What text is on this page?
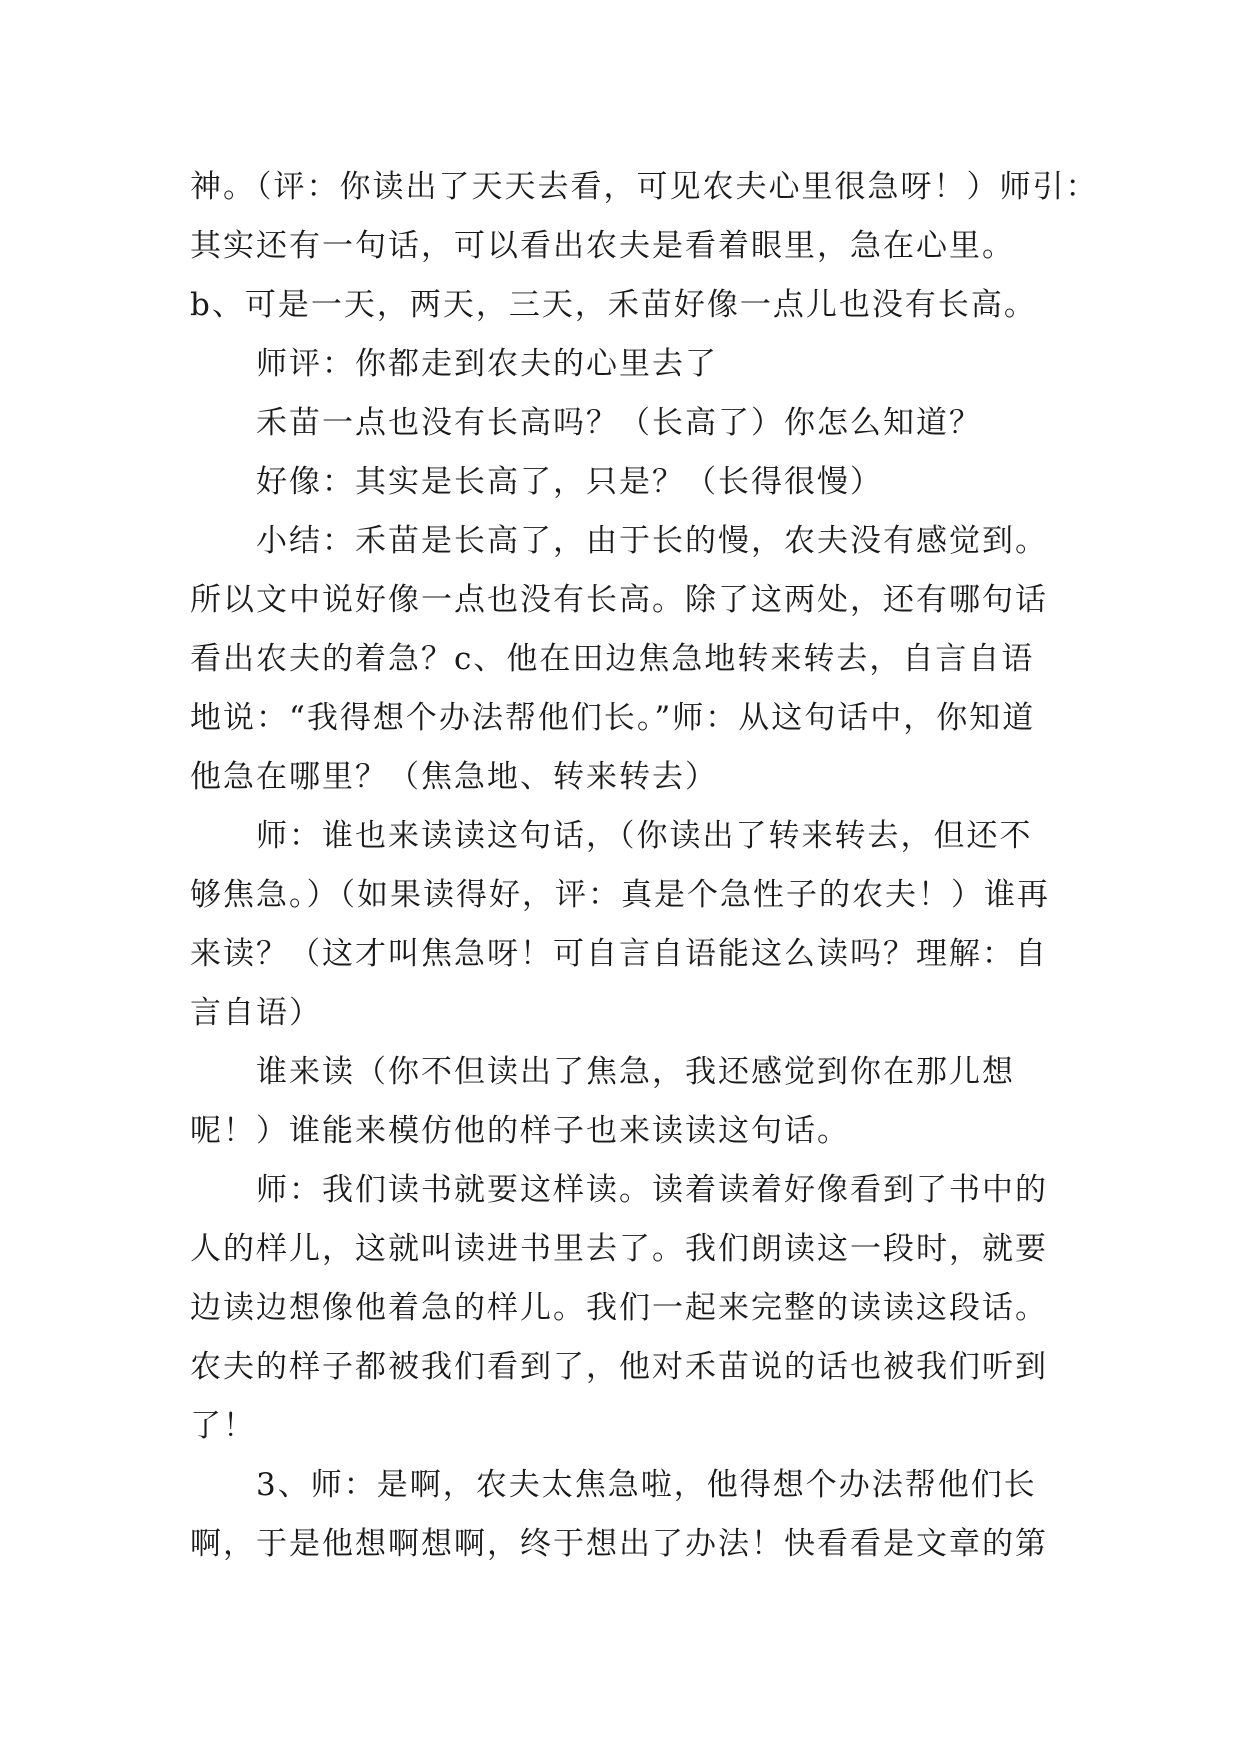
神。（评：你读出了天天去看，可见农夫心里很急呀！）师引：
其实还有一句话，可以看出农夫是看着眼里，急在心里。
b、可是一天，两天，三天，禾苗好像一点儿也没有长高。
师评：你都走到农夫的心里去了
禾苗一点也没有长高吗？（长高了）你怎么知道？
好像：其实是长高了，只是？（长得很慢）
小结：禾苗是长高了，由于长的慢，农夫没有感觉到。
所以文中说好像一点也没有长高。除了这两处，还有哪句话
看出农夫的着急？c、他在田边焦急地转来转去，自言自语
地说：“我得想个办法帮他们长。”师：从这句话中，你知道
他急在哪里？（焦急地、转来转去）
师：谁也来读读这句话，（你读出了转来转去，但还不
够焦急。）（如果读得好，评：真是个急性子的农夫！）谁再
来读？（这才叫焦急呀！可自言自语能这么读吗？理解：自
言自语）
谁来读（你不但读出了焦急，我还感觉到你在那儿想
呢！）谁能来模仿他的样子也来读读这句话。
师：我们读书就要这样读。读着读着好像看到了书中的
人的样儿，这就叫读进书里去了。我们朗读这一段时，就要
边读边想像他着急的样儿。我们一起来完整的读读这段话。
农夫的样子都被我们看到了，他对禾苗说的话也被我们听到
了！
3、师：是啊，农夫太焦急啦，他得想个办法帮他们长
啊，于是他想啊想啊，终于想出了办法！快看看是文章的第
